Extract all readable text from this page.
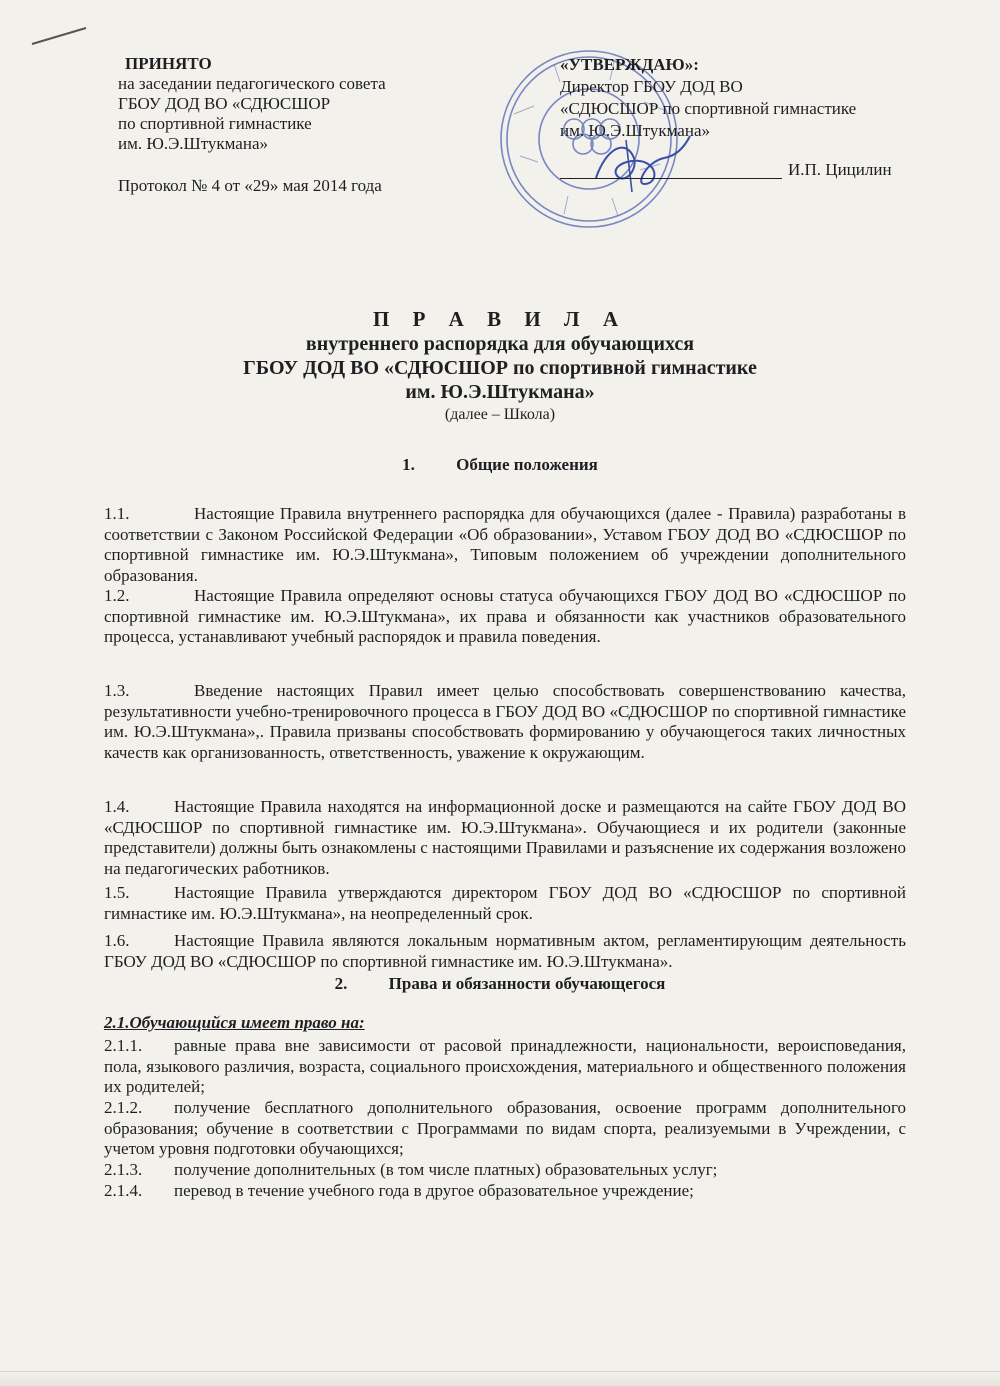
ПРИНЯТО
на заседании педагогического совета
ГБОУ ДОД ВО «СДЮСШОР
по спортивной гимнастике
им. Ю.Э.Штукмана»
Протокол № 4 от «29» мая 2014 года
«УТВЕРЖДАЮ»:
Директор ГБОУ ДОД ВО
«СДЮСШОР по спортивной гимнастике
им. Ю.Э.Штукмана»
И.П. Цицилин
П Р А В И Л А
внутреннего распорядка для обучающихся
ГБОУ ДОД ВО «СДЮСШОР по спортивной гимнастике
им. Ю.Э.Штукмана»
(далее – Школа)
1. Общие положения
1.1.	Настоящие Правила внутреннего распорядка для обучающихся (далее - Правила) разработаны в соответствии с Законом Российской Федерации «Об образовании», Уставом ГБОУ ДОД ВО «СДЮСШОР по спортивной гимнастике им. Ю.Э.Штукмана», Типовым положением об учреждении дополнительного образования.
1.2.	Настоящие Правила определяют основы статуса обучающихся ГБОУ ДОД ВО «СДЮСШОР по спортивной гимнастике им. Ю.Э.Штукмана», их права и обязанности как участников образовательного процесса, устанавливают учебный распорядок и правила поведения.
1.3.	Введение настоящих Правил имеет целью способствовать совершенствованию качества, результативности учебно-тренировочного процесса в ГБОУ ДОД ВО «СДЮСШОР по спортивной гимнастике им. Ю.Э.Штукмана»,. Правила призваны способствовать формированию у обучающегося таких личностных качеств как организованность, ответственность, уважение к окружающим.
1.4.	Настоящие Правила находятся на информационной доске и размещаются на сайте ГБОУ ДОД ВО «СДЮСШОР по спортивной гимнастике им. Ю.Э.Штукмана». Обучающиеся и их родители (законные представители) должны быть ознакомлены с настоящими Правилами и разъяснение их содержания возложено на педагогических работников.
1.5.	Настоящие Правила утверждаются директором ГБОУ ДОД ВО «СДЮСШОР по спортивной гимнастике им. Ю.Э.Штукмана», на неопределенный срок.
1.6.	Настоящие Правила являются локальным нормативным актом, регламентирующим деятельность ГБОУ ДОД ВО «СДЮСШОР по спортивной гимнастике им. Ю.Э.Штукмана».
2. Права и обязанности обучающегося
2.1.Обучающийся имеет право на:
2.1.1. равные права вне зависимости от расовой принадлежности, национальности, вероисповедания, пола, языкового различия, возраста, социального происхождения, материального и общественного положения их родителей;
2.1.2. получение бесплатного дополнительного образования, освоение программ дополнительного образования; обучение в соответствии с Программами по видам спорта, реализуемыми в Учреждении, с учетом уровня подготовки обучающихся;
2.1.3. получение дополнительных (в том числе платных) образовательных услуг;
2.1.4. перевод в течение учебного года в другое образовательное учреждение;
